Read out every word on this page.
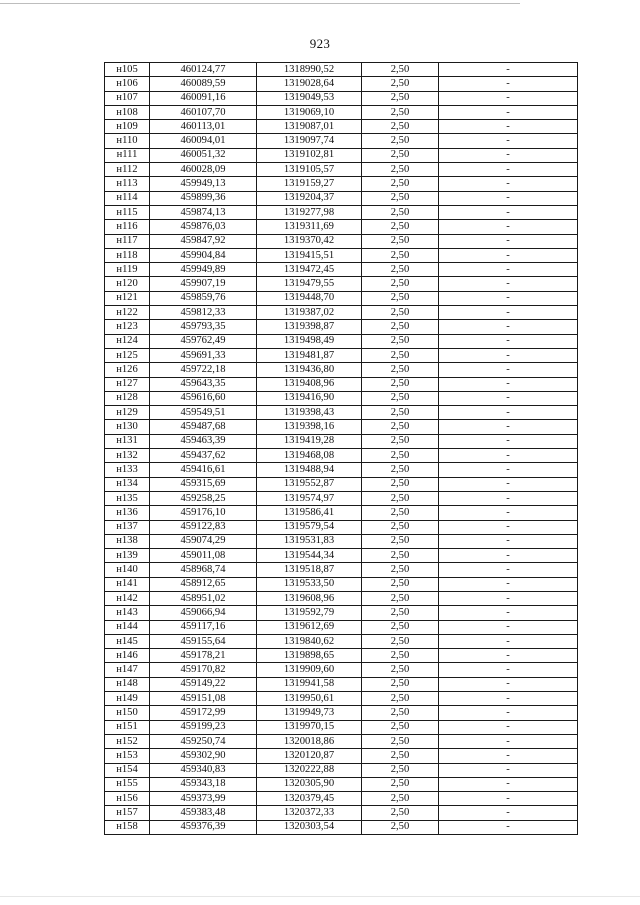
923
н105	460124,77	1318990,52	2,50	-
н106	460089,59	1319028,64	2,50	-
н107	460091,16	1319049,53	2,50	-
н108	460107,70	1319069,10	2,50	-
н109	460113,01	1319087,01	2,50	-
н110	460094,01	1319097,74	2,50	-
н111	460051,32	1319102,81	2,50	-
н112	460028,09	1319105,57	2,50	-
н113	459949,13	1319159,27	2,50	-
н114	459899,36	1319204,37	2,50	-
н115	459874,13	1319277,98	2,50	-
н116	459876,03	1319311,69	2,50	-
н117	459847,92	1319370,42	2,50	-
н118	459904,84	1319415,51	2,50	-
н119	459949,89	1319472,45	2,50	-
н120	459907,19	1319479,55	2,50	-
н121	459859,76	1319448,70	2,50	-
н122	459812,33	1319387,02	2,50	-
н123	459793,35	1319398,87	2,50	-
н124	459762,49	1319498,49	2,50	-
н125	459691,33	1319481,87	2,50	-
н126	459722,18	1319436,80	2,50	-
н127	459643,35	1319408,96	2,50	-
н128	459616,60	1319416,90	2,50	-
н129	459549,51	1319398,43	2,50	-
н130	459487,68	1319398,16	2,50	-
н131	459463,39	1319419,28	2,50	-
н132	459437,62	1319468,08	2,50	-
н133	459416,61	1319488,94	2,50	-
н134	459315,69	1319552,87	2,50	-
н135	459258,25	1319574,97	2,50	-
н136	459176,10	1319586,41	2,50	-
н137	459122,83	1319579,54	2,50	-
н138	459074,29	1319531,83	2,50	-
н139	459011,08	1319544,34	2,50	-
н140	458968,74	1319518,87	2,50	-
н141	458912,65	1319533,50	2,50	-
н142	458951,02	1319608,96	2,50	-
н143	459066,94	1319592,79	2,50	-
н144	459117,16	1319612,69	2,50	-
н145	459155,64	1319840,62	2,50	-
н146	459178,21	1319898,65	2,50	-
н147	459170,82	1319909,60	2,50	-
н148	459149,22	1319941,58	2,50	-
н149	459151,08	1319950,61	2,50	-
н150	459172,99	1319949,73	2,50	-
н151	459199,23	1319970,15	2,50	-
н152	459250,74	1320018,86	2,50	-
н153	459302,90	1320120,87	2,50	-
н154	459340,83	1320222,88	2,50	-
н155	459343,18	1320305,90	2,50	-
н156	459373,99	1320379,45	2,50	-
н157	459383,48	1320372,33	2,50	-
н158	459376,39	1320303,54	2,50	-
